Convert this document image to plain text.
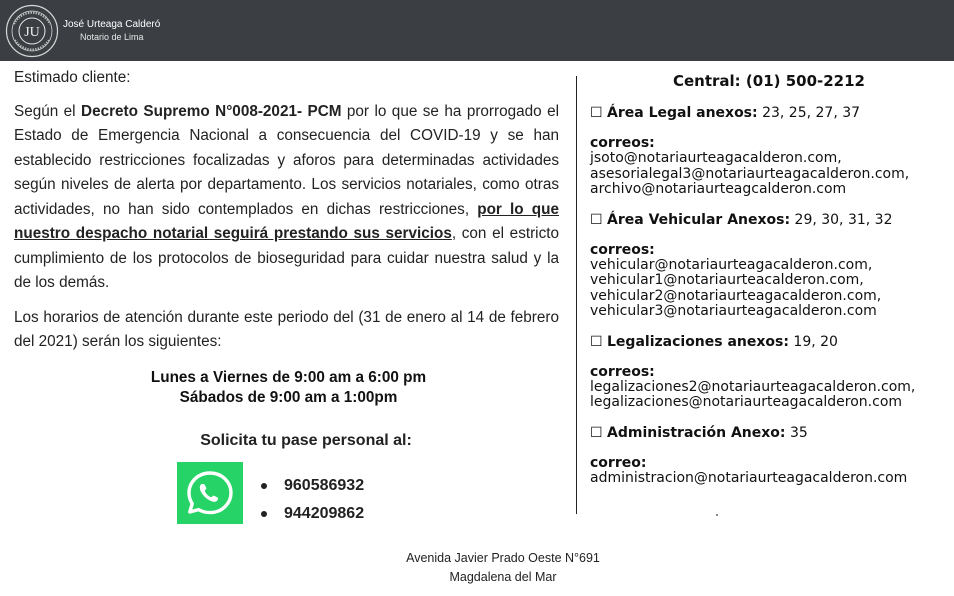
JU
José Urteaga Calderó
Notario de Lima

Estimado cliente:

Según el Decreto Supremo N°008-2021- PCM por lo que se ha prorrogado el Estado de Emergencia Nacional a consecuencia del COVID-19 y se han establecido restricciones focalizadas y aforos para determinadas actividades según niveles de alerta por departamento. Los servicios notariales, como otras actividades, no han sido contemplados en dichas restricciones, por lo que nuestro despacho notarial seguirá prestando sus servicios, con el estricto cumplimiento de los protocolos de bioseguridad para cuidar nuestra salud y la de los demás.

Los horarios de atención durante este periodo del (31 de enero al 14 de febrero del 2021) serán los siguientes:

Lunes a Viernes de 9:00 am a 6:00 pm
Sábados de 9:00 am a 1:00pm
Solicita tu pase personal al:
960586932
944209862
Central: (01) 500-2212
☐ Área Legal anexos: 23, 25, 27, 37
correos:
jsoto@notariaurteagacalderon.com,
asesorialegal3@notariaurteagacalderon.com,
archivo@notariaurteagcalderon.com
☐ Área Vehicular Anexos: 29, 30, 31, 32
correos:
vehicular@notariaurteagacalderon.com,
vehicular1@notariaurteacalderon.com,
vehicular2@notariaurteagacalderon.com,
vehicular3@notariaurteagacalderon.com
☐ Legalizaciones anexos: 19, 20
correos:
legalizaciones2@notariaurteagacalderon.com,
legalizaciones@notariaurteagacalderon.com
☐ Administración Anexo: 35
correo:
administracion@notariaurteagacalderon.com
Avenida Javier Prado Oeste N°691
Magdalena del Mar
